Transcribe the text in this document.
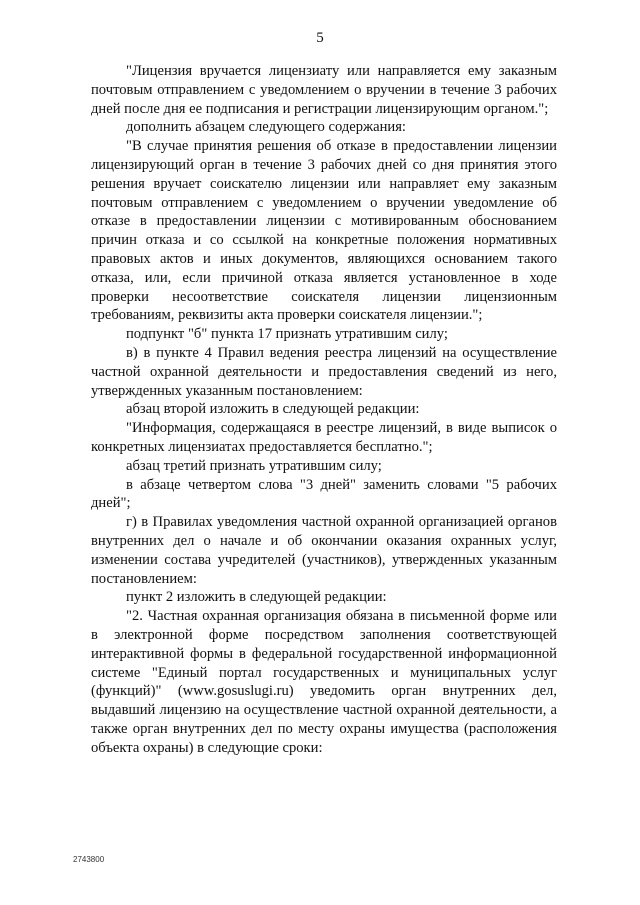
5

"Лицензия вручается лицензиату или направляется ему заказным почтовым отправлением с уведомлением о вручении в течение 3 рабочих дней после дня ее подписания и регистрации лицензирующим органом.";

дополнить абзацем следующего содержания:

"В случае принятия решения об отказе в предоставлении лицензии лицензирующий орган в течение 3 рабочих дней со дня принятия этого решения вручает соискателю лицензии или направляет ему заказным почтовым отправлением с уведомлением о вручении уведомление об отказе в предоставлении лицензии с мотивированным обоснованием причин отказа и со ссылкой на конкретные положения нормативных правовых актов и иных документов, являющихся основанием такого отказа, или, если причиной отказа является установленное в ходе проверки несоответствие соискателя лицензии лицензионным требованиям, реквизиты акта проверки соискателя лицензии.";

подпункт "б" пункта 17 признать утратившим силу;

в) в пункте 4 Правил ведения реестра лицензий на осуществление частной охранной деятельности и предоставления сведений из него, утвержденных указанным постановлением:

абзац второй изложить в следующей редакции:

"Информация, содержащаяся в реестре лицензий, в виде выписок о конкретных лицензиатах предоставляется бесплатно.";

абзац третий признать утратившим силу;

в абзаце четвертом слова "3 дней" заменить словами "5 рабочих дней";

г) в Правилах уведомления частной охранной организацией органов внутренних дел о начале и об окончании оказания охранных услуг, изменении состава учредителей (участников), утвержденных указанным постановлением:

пункт 2 изложить в следующей редакции:

"2. Частная охранная организация обязана в письменной форме или в электронной форме посредством заполнения соответствующей интерактивной формы в федеральной государственной информационной системе "Единый портал государственных и муниципальных услуг (функций)" (www.gosuslugi.ru) уведомить орган внутренних дел, выдавший лицензию на осуществление частной охранной деятельности, а также орган внутренних дел по месту охраны имущества (расположения объекта охраны) в следующие сроки:

2743800
